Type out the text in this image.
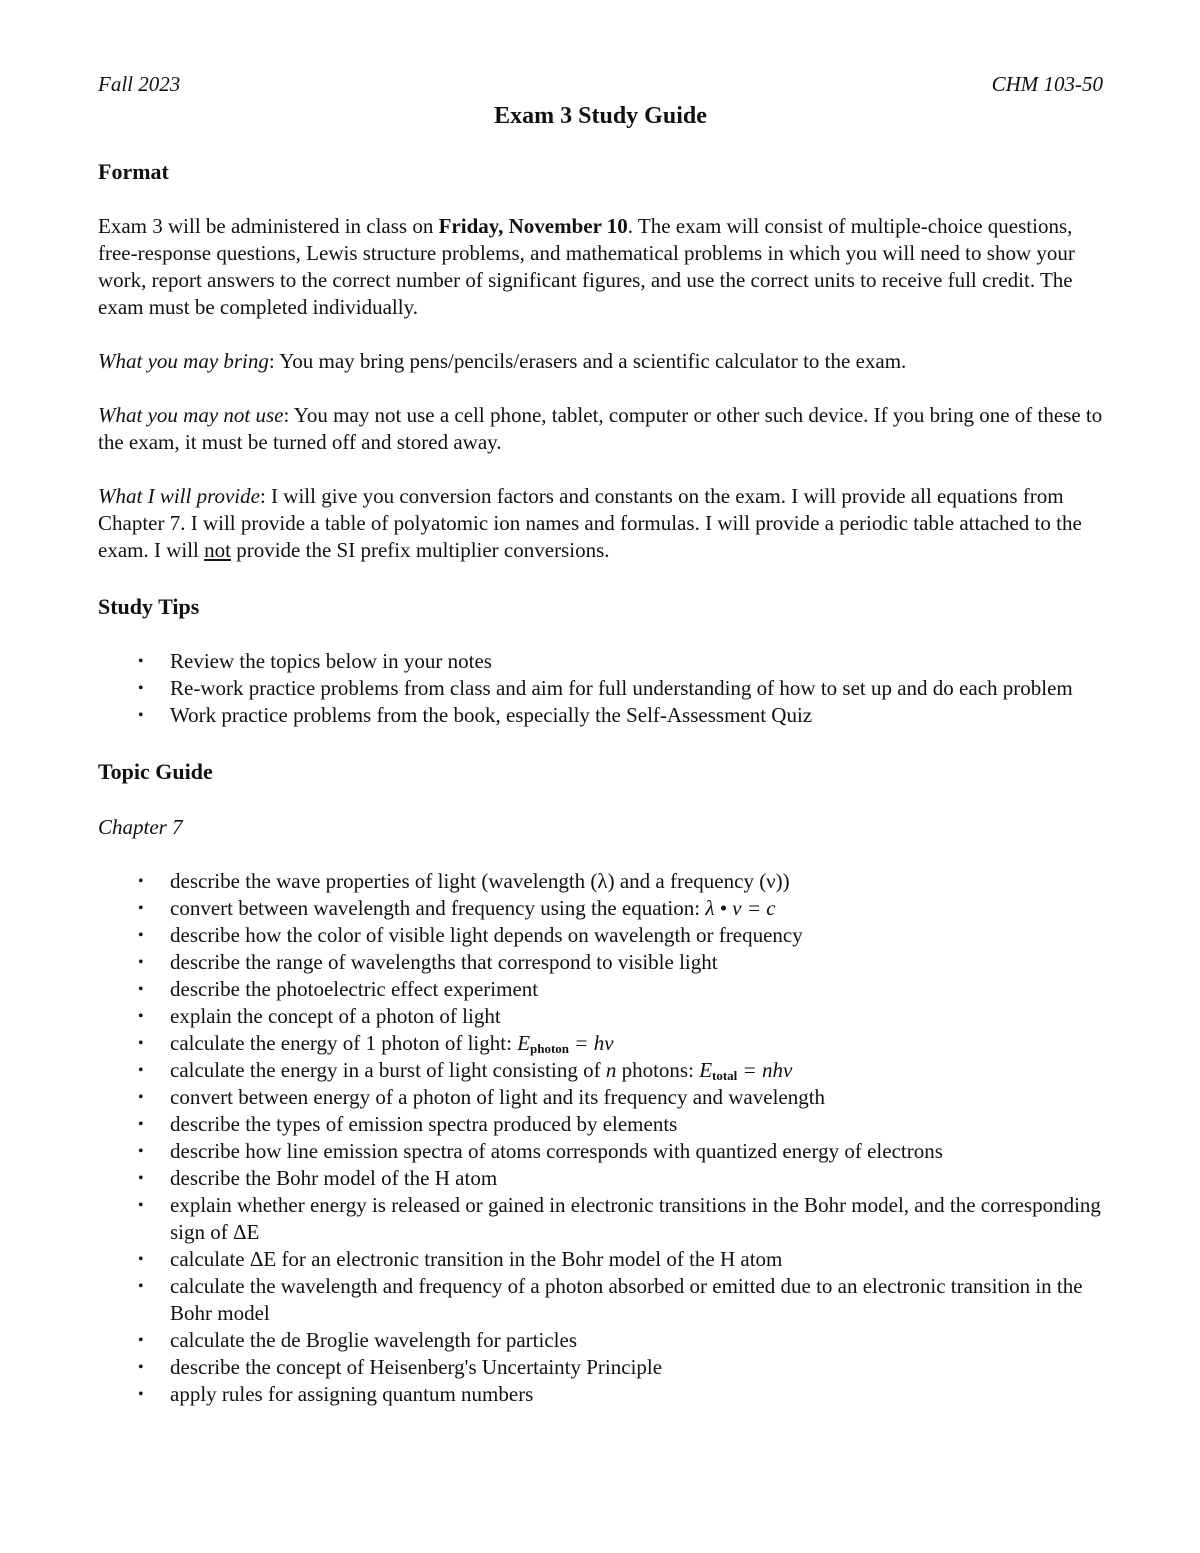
Fall 2023	CHM 103-50
Exam 3 Study Guide
Format

Exam 3 will be administered in class on Friday, November 10. The exam will consist of multiple-choice questions, free-response questions, Lewis structure problems, and mathematical problems in which you will need to show your work, report answers to the correct number of significant figures, and use the correct units to receive full credit. The exam must be completed individually.

What you may bring: You may bring pens/pencils/erasers and a scientific calculator to the exam.

What you may not use: You may not use a cell phone, tablet, computer or other such device. If you bring one of these to the exam, it must be turned off and stored away.

What I will provide: I will give you conversion factors and constants on the exam. I will provide all equations from Chapter 7. I will provide a table of polyatomic ion names and formulas. I will provide a periodic table attached to the exam. I will not provide the SI prefix multiplier conversions.

Study Tips
• Review the topics below in your notes
• Re-work practice problems from class and aim for full understanding of how to set up and do each problem
• Work practice problems from the book, especially the Self-Assessment Quiz
Topic Guide

Chapter 7

• describe the wave properties of light (wavelength (λ) and a frequency (ν))
• convert between wavelength and frequency using the equation: λ • ν = c
• describe how the color of visible light depends on wavelength or frequency
• describe the range of wavelengths that correspond to visible light
• describe the photoelectric effect experiment
• explain the concept of a photon of light
• calculate the energy of 1 photon of light: $E_{photon} = h\nu$
• calculate the energy in a burst of light consisting of n photons: $E_{total} = nh\nu$
• convert between energy of a photon of light and its frequency and wavelength
• describe the types of emission spectra produced by elements
• describe how line emission spectra of atoms corresponds with quantized energy of electrons
• describe the Bohr model of the H atom
• explain whether energy is released or gained in electronic transitions in the Bohr model, and the corresponding sign of ΔE
• calculate ΔE for an electronic transition in the Bohr model of the H atom
• calculate the wavelength and frequency of a photon absorbed or emitted due to an electronic transition in the Bohr model
• calculate the de Broglie wavelength for particles
• describe the concept of Heisenberg's Uncertainty Principle
• apply rules for assigning quantum numbers
